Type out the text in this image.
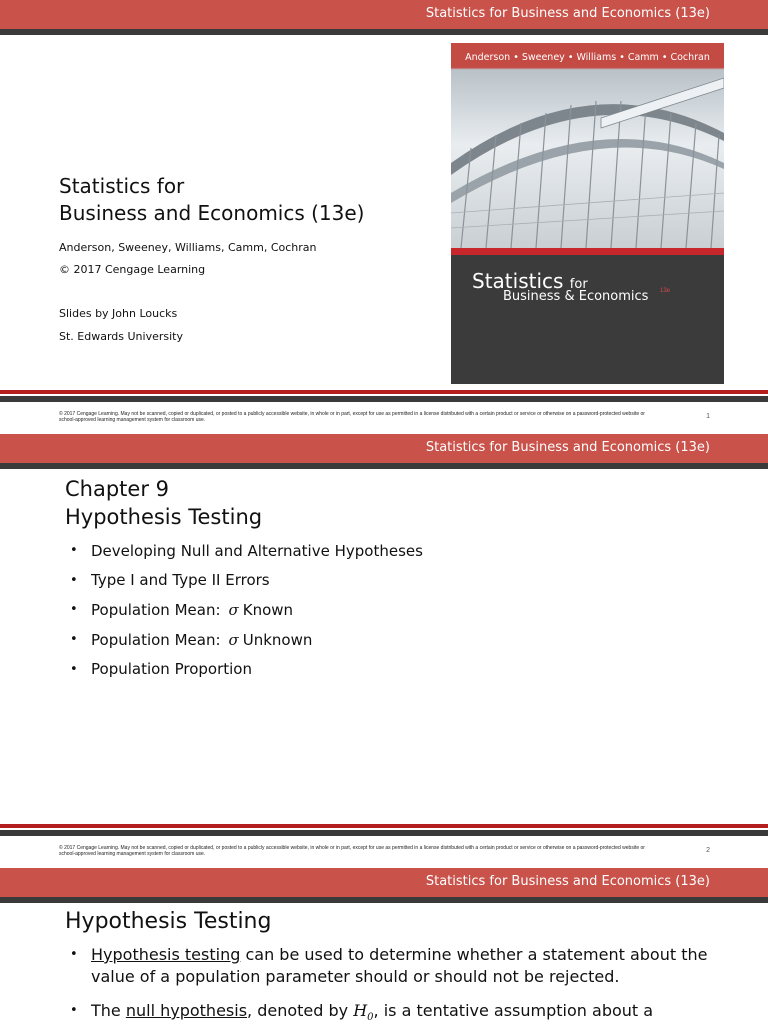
Statistics for Business and Economics (13e)
Statistics for
Business and Economics (13e)
Anderson, Sweeney, Williams, Camm, Cochran
© 2017 Cengage Learning
Slides by John Loucks
St. Edwards University
Anderson • Sweeney • Williams • Camm • Cochran
Statistics for
Business & Economics 13e
© 2017 Cengage Learning. May not be scanned, copied or duplicated, or posted to a publicly accessible website, in whole or in part, except for use as permitted in a license distributed with a certain product or service or otherwise on a password-protected website or school-approved learning management system for classroom use.	1
Statistics for Business and Economics (13e)
Chapter 9
Hypothesis Testing
• Developing Null and Alternative Hypotheses
• Type I and Type II Errors
• Population Mean: σ Known
• Population Mean: σ Unknown
• Population Proportion
© 2017 Cengage Learning. May not be scanned, copied or duplicated, or posted to a publicly accessible website, in whole or in part, except for use as permitted in a license distributed with a certain product or service or otherwise on a password-protected website or school-approved learning management system for classroom use.	2
Statistics for Business and Economics (13e)
Hypothesis Testing
• Hypothesis testing can be used to determine whether a statement about the value of a population parameter should or should not be rejected.
• The null hypothesis, denoted by $H_0$, is a tentative assumption about a
